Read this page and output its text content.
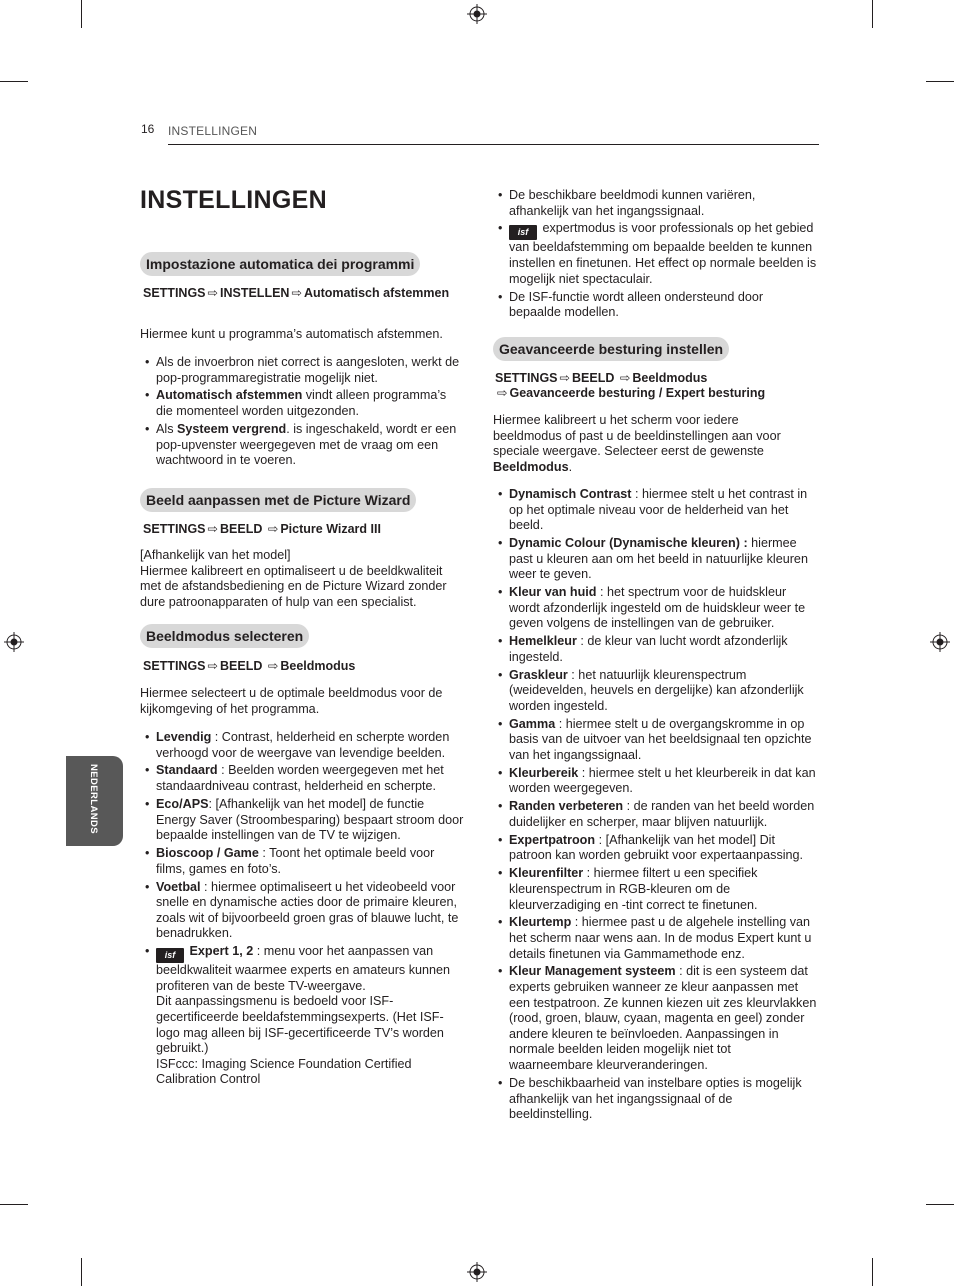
16 INSTELLINGEN
INSTELLINGEN
NEDERLANDS
Impostazione automatica dei programmi
SETTINGS ⇨ INSTELLEN ⇨ Automatisch afstemmen
Hiermee kunt u programma’s automatisch afstemmen.
• Als de invoerbron niet correct is aangesloten, werkt de pop-programmaregistratie mogelijk niet.
• Automatisch afstemmen vindt alleen programma’s die momenteel worden uitgezonden.
• Als Systeem vergrend. is ingeschakeld, wordt er een pop-upvenster weergegeven met de vraag om een wachtwoord in te voeren.
Beeld aanpassen met de Picture Wizard
SETTINGS ⇨ BEELD ⇨ Picture Wizard III
[Afhankelijk van het model]
Hiermee kalibreert en optimaliseert u de beeldkwaliteit met de afstandsbediening en de Picture Wizard zonder dure patroonapparaten of hulp van een specialist.
Beeldmodus selecteren
SETTINGS ⇨ BEELD ⇨ Beeldmodus
Hiermee selecteert u de optimale beeldmodus voor de kijkomgeving of het programma.
• Levendig : Contrast, helderheid en scherpte worden verhoogd voor de weergave van levendige beelden.
• Standaard : Beelden worden weergegeven met het standaardniveau contrast, helderheid en scherpte.
• Eco/APS: [Afhankelijk van het model] de functie Energy Saver (Stroombesparing) bespaart stroom door bepaalde instellingen van de TV te wijzigen.
• Bioscoop / Game : Toont het optimale beeld voor films, games en foto’s.
• Voetbal : hiermee optimaliseert u het videobeeld voor snelle en dynamische acties door de primaire kleuren, zoals wit of bijvoorbeeld groen gras of blauwe lucht, te benadrukken.
• isf Expert 1, 2 : menu voor het aanpassen van beeldkwaliteit waarmee experts en amateurs kunnen profiteren van de beste TV-weergave.
Dit aanpassingsmenu is bedoeld voor ISF-gecertificeerde beeldafstemmingsexperts. (Het ISF-logo mag alleen bij ISF-gecertificeerde TV’s worden gebruikt.)
ISFccc: Imaging Science Foundation Certified Calibration Control
• De beschikbare beeldmodi kunnen variëren, afhankelijk van het ingangssignaal.
• isf expertmodus is voor professionals op het gebied van beeldafstemming om bepaalde beelden te kunnen instellen en finetunen. Het effect op normale beelden is mogelijk niet spectaculair.
• De ISF-functie wordt alleen ondersteund door bepaalde modellen.
Geavanceerde besturing instellen
SETTINGS ⇨ BEELD ⇨ Beeldmodus
⇨ Geavanceerde besturing / Expert besturing
Hiermee kalibreert u het scherm voor iedere beeldmodus of past u de beeldinstellingen aan voor speciale weergave. Selecteer eerst de gewenste Beeldmodus.
• Dynamisch Contrast : hiermee stelt u het contrast in op het optimale niveau voor de helderheid van het beeld.
• Dynamic Colour (Dynamische kleuren) : hiermee past u kleuren aan om het beeld in natuurlijke kleuren weer te geven.
• Kleur van huid : het spectrum voor de huidskleur wordt afzonderlijk ingesteld om de huidskleur weer te geven volgens de instellingen van de gebruiker.
• Hemelkleur : de kleur van lucht wordt afzonderlijk ingesteld.
• Graskleur : het natuurlijk kleurenspectrum (weidevelden, heuvels en dergelijke) kan afzonderlijk worden ingesteld.
• Gamma : hiermee stelt u de overgangskromme in op basis van de uitvoer van het beeldsignaal ten opzichte van het ingangssignaal.
• Kleurbereik : hiermee stelt u het kleurbereik in dat kan worden weergegeven.
• Randen verbeteren : de randen van het beeld worden duidelijker en scherper, maar blijven natuurlijk.
• Expertpatroon : [Afhankelijk van het model] Dit patroon kan worden gebruikt voor expertaanpassing.
• Kleurenfilter : hiermee filtert u een specifiek kleurenspectrum in RGB-kleuren om de kleurverzadiging en -tint correct te finetunen.
• Kleurtemp : hiermee past u de algehele instelling van het scherm naar wens aan. In de modus Expert kunt u details finetunen via Gammamethode enz.
• Kleur Management systeem : dit is een systeem dat experts gebruiken wanneer ze kleur aanpassen met een testpatroon. Ze kunnen kiezen uit zes kleurvlakken (rood, groen, blauw, cyaan, magenta en geel) zonder andere kleuren te beïnvloeden. Aanpassingen in normale beelden leiden mogelijk niet tot waarneembare kleurveranderingen.
• De beschikbaarheid van instelbare opties is mogelijk afhankelijk van het ingangssignaal of de beeldinstelling.
